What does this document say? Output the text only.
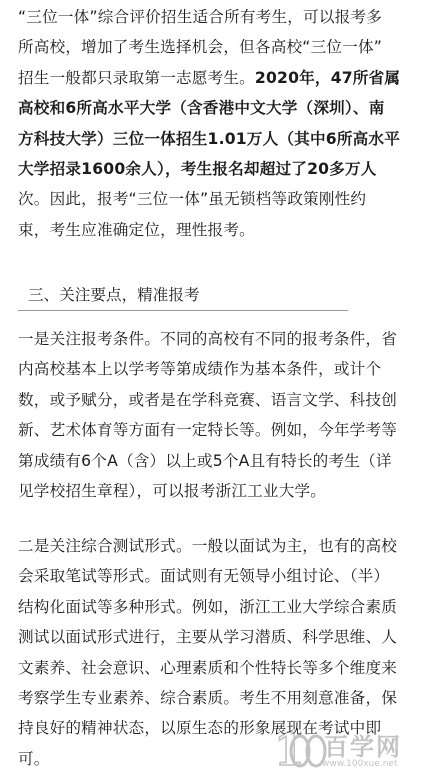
“三位一体”综合评价招生适合所有考生，可以报考多
所高校，增加了考生选择机会，但各高校“三位一体”
招生一般都只录取第一志愿考生。2020年，47所省属
高校和6所高水平大学（含香港中文大学（深圳）、南
方科技大学）三位一体招生1.01万人（其中6所高水平
大学招录1600余人），考生报名却超过了20多万人
次。因此，报考“三位一体”虽无锁档等政策刚性约
束，考生应准确定位，理性报考。
三、关注要点，精准报考
一是关注报考条件。不同的高校有不同的报考条件，省
内高校基本上以学考等第成绩作为基本条件，或计个
数，或予赋分，或者是在学科竞赛、语言文学、科技创
新、艺术体育等方面有一定特长等。例如，今年学考等
第成绩有6个A（含）以上或5个A且有特长的考生（详
见学校招生章程），可以报考浙江工业大学。
二是关注综合测试形式。一般以面试为主，也有的高校
会采取笔试等形式。面试则有无领导小组讨论、（半）
结构化面试等多种形式。例如，浙江工业大学综合素质
测试以面试形式进行，主要从学习潜质、科学思维、人
文素养、社会意识、心理素质和个性特长等多个维度来
考察学生专业素养、综合素质。考生不用刻意准备，保
持良好的精神状态，以原生态的形象展现在考试中即
可。	1 百学网
www.100xue.net
